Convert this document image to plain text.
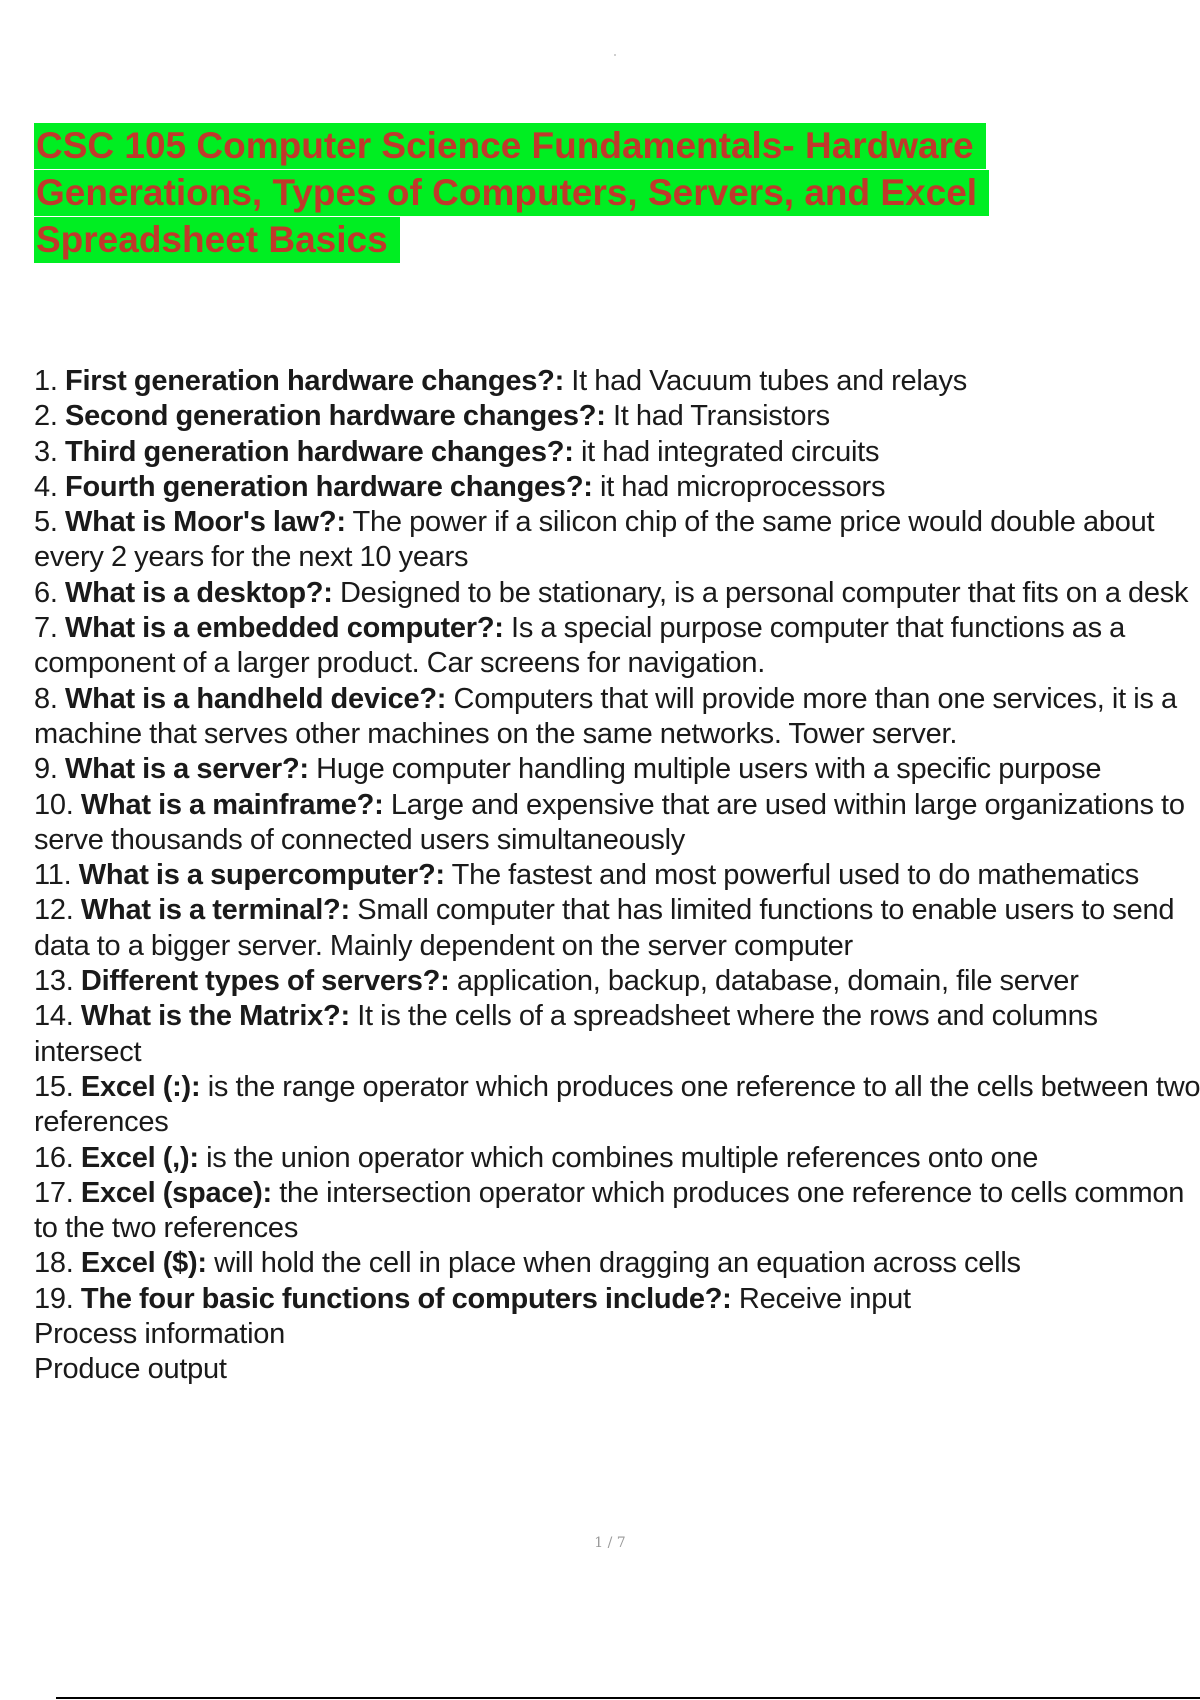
CSC 105 Computer Science Fundamentals- Hardware Generations, Types of Computers, Servers, and Excel Spreadsheet Basics
1. First generation hardware changes?: It had Vacuum tubes and relays
2. Second generation hardware changes?: It had Transistors
3. Third generation hardware changes?: it had integrated circuits
4. Fourth generation hardware changes?: it had microprocessors
5. What is Moor's law?: The power if a silicon chip of the same price would double about every 2 years for the next 10 years
6. What is a desktop?: Designed to be stationary, is a personal computer that fits on a desk
7. What is a embedded computer?: Is a special purpose computer that functions as a component of a larger product. Car screens for navigation.
8. What is a handheld device?: Computers that will provide more than one services, it is a machine that serves other machines on the same networks. Tower server.
9. What is a server?: Huge computer handling multiple users with a specific purpose
10. What is a mainframe?: Large and expensive that are used within large organizations to serve thousands of connected users simultaneously
11. What is a supercomputer?: The fastest and most powerful used to do mathematics
12. What is a terminal?: Small computer that has limited functions to enable users to send data to a bigger server. Mainly dependent on the server computer
13. Different types of servers?: application, backup, database, domain, file server
14. What is the Matrix?: It is the cells of a spreadsheet where the rows and columns intersect
15. Excel (:): is the range operator which produces one reference to all the cells between two references
16. Excel (,): is the union operator which combines multiple references onto one
17. Excel (space): the intersection operator which produces one reference to cells common to the two references
18. Excel ($): will hold the cell in place when dragging an equation across cells
19. The four basic functions of computers include?: Receive input
Process information
Produce output
1 / 7
